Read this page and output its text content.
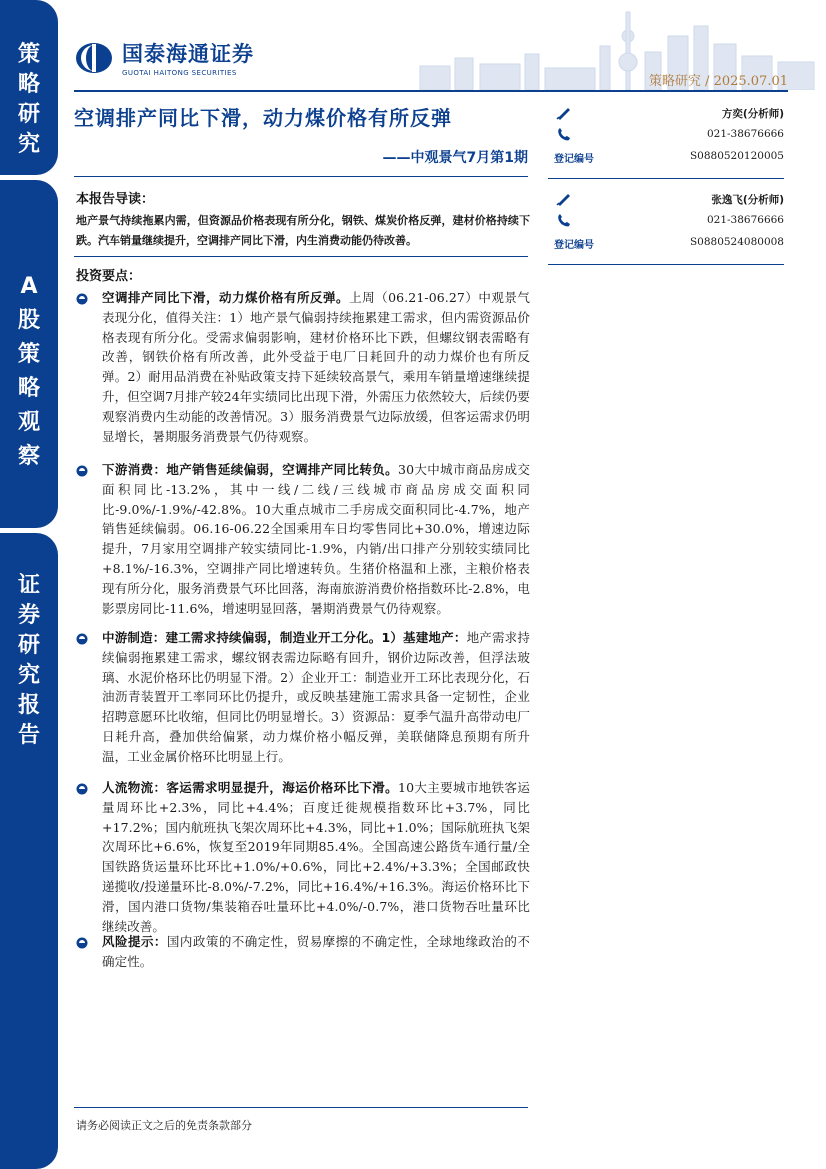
策
略
研
究
A
股
策
略
观
察
证
券
研
究
报
告
国泰海通证券
GUOTAI HAITONG SECURITIES
策略研究 / 2025.07.01
空调排产同比下滑，动力煤价格有所反弹
——中观景气7月第1期
本报告导读：
地产景气持续拖累内需，但资源品价格表现有所分化，钢铁、煤炭价格反弹，建材价格持续下跌。汽车销量继续提升，空调排产同比下滑，内生消费动能仍待改善。
投资要点：
空调排产同比下滑，动力煤价格有所反弹。上周（06.21-06.27）中观景气表现分化，值得关注：1）地产景气偏弱持续拖累建工需求，但内需资源品价格表现有所分化。受需求偏弱影响，建材价格环比下跌，但螺纹钢表需略有改善，钢铁价格有所改善，此外受益于电厂日耗回升的动力煤价也有所反弹。2）耐用品消费在补贴政策支持下延续较高景气，乘用车销量增速继续提升，但空调7月排产较24年实绩同比出现下滑，外需压力依然较大，后续仍要观察消费内生动能的改善情况。3）服务消费景气边际放缓，但客运需求仍明显增长，暑期服务消费景气仍待观察。
下游消费：地产销售延续偏弱，空调排产同比转负。30大中城市商品房成交面积同比-13.2%，其中一线/二线/三线城市商品房成交面积同比-9.0%/-1.9%/-42.8%。10大重点城市二手房成交面积同比-4.7%，地产销售延续偏弱。06.16-06.22全国乘用车日均零售同比+30.0%，增速边际提升，7月家用空调排产较实绩同比-1.9%，内销/出口排产分别较实绩同比+8.1%/-16.3%，空调排产同比增速转负。生猪价格温和上涨，主粮价格表现有所分化，服务消费景气环比回落，海南旅游消费价格指数环比-2.8%，电影票房同比-11.6%，增速明显回落，暑期消费景气仍待观察。
中游制造：建工需求持续偏弱，制造业开工分化。1）基建地产：地产需求持续偏弱拖累建工需求，螺纹钢表需边际略有回升，钢价边际改善，但浮法玻璃、水泥价格环比仍明显下滑。2）企业开工：制造业开工环比表现分化，石油沥青装置开工率同环比仍提升，或反映基建施工需求具备一定韧性，企业招聘意愿环比收缩，但同比仍明显增长。3）资源品：夏季气温升高带动电厂日耗升高，叠加供给偏紧，动力煤价格小幅反弹，美联储降息预期有所升温，工业金属价格环比明显上行。
人流物流：客运需求明显提升，海运价格环比下滑。10大主要城市地铁客运量周环比+2.3%，同比+4.4%；百度迁徙规模指数环比+3.7%，同比+17.2%；国内航班执飞架次周环比+4.3%，同比+1.0%；国际航班执飞架次周环比+6.6%，恢复至2019年同期85.4%。全国高速公路货车通行量/全国铁路货运量环比环比+1.0%/+0.6%，同比+2.4%/+3.3%；全国邮政快递揽收/投递量环比-8.0%/-7.2%，同比+16.4%/+16.3%。海运价格环比下滑，国内港口货物/集装箱吞吐量环比+4.0%/-0.7%，港口货物吞吐量环比继续改善。
风险提示：国内政策的不确定性，贸易摩擦的不确定性，全球地缘政治的不确定性。
方奕(分析师)
021-38676666
登记编号	S0880520120005
张逸飞(分析师)
021-38676666
登记编号	S0880524080008
请务必阅读正文之后的免责条款部分
